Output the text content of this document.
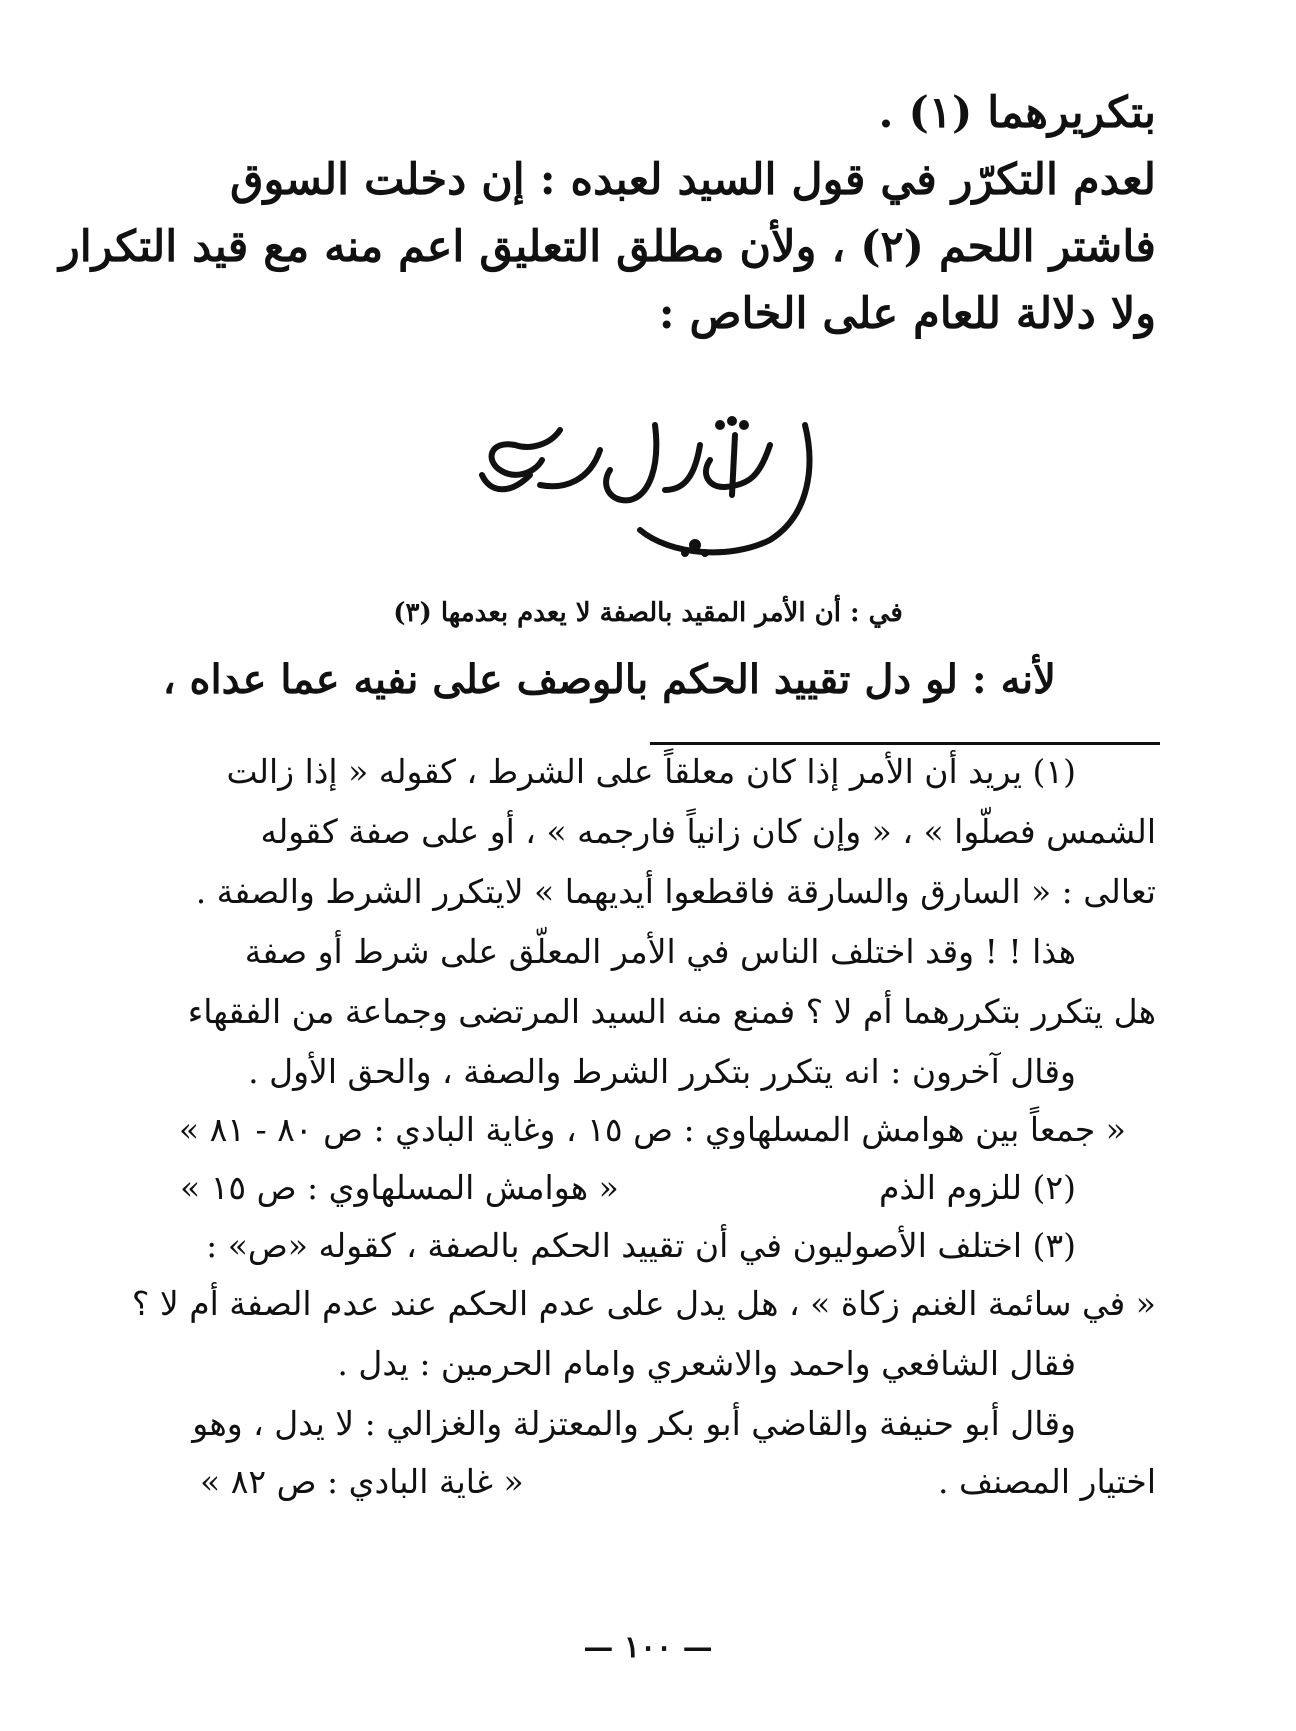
بتكريرهما (١) .
لعدم التكرّر في قول السيد لعبده : إن دخلت السوق
فاشتر اللحم (٢) ، ولأن مطلق التعليق اعم منه مع قيد التكرار
ولا دلالة للعام على الخاص :
في : أن الأمر المقيد بالصفة لا يعدم بعدمها (٣)
لأنه : لو دل تقييد الحكم بالوصف على نفيه عما عداه ،
(١) يريد أن الأمر إذا كان معلقاً على الشرط ، كقوله « إذا زالت
الشمس فصلّوا » ، « وإن كان زانياً فارجمه » ، أو على صفة كقوله
تعالى : « السارق والسارقة فاقطعوا أيديهما » لايتكرر الشرط والصفة .
هذا ! ! وقد اختلف الناس في الأمر المعلّق على شرط أو صفة
هل يتكرر بتكررهما أم لا ؟ فمنع منه السيد المرتضى وجماعة من الفقهاء
وقال آخرون : انه يتكرر بتكرر الشرط والصفة ، والحق الأول .
« جمعاً بين هوامش المسلهاوي : ص ١٥ ، وغاية البادي : ص ٨٠ - ٨١ »
(٢) للزوم الذم
« هوامش المسلهاوي : ص ١٥ »
(٣) اختلف الأصوليون في أن تقييد الحكم بالصفة ، كقوله «ص» :
« في سائمة الغنم زكاة » ، هل يدل على عدم الحكم عند عدم الصفة أم لا ؟
فقال الشافعي واحمد والاشعري وامام الحرمين : يدل .
وقال أبو حنيفة والقاضي أبو بكر والمعتزلة والغزالي : لا يدل ، وهو
اختيار المصنف .
« غاية البادي : ص ٨٢ »
— ١٠٠ —
